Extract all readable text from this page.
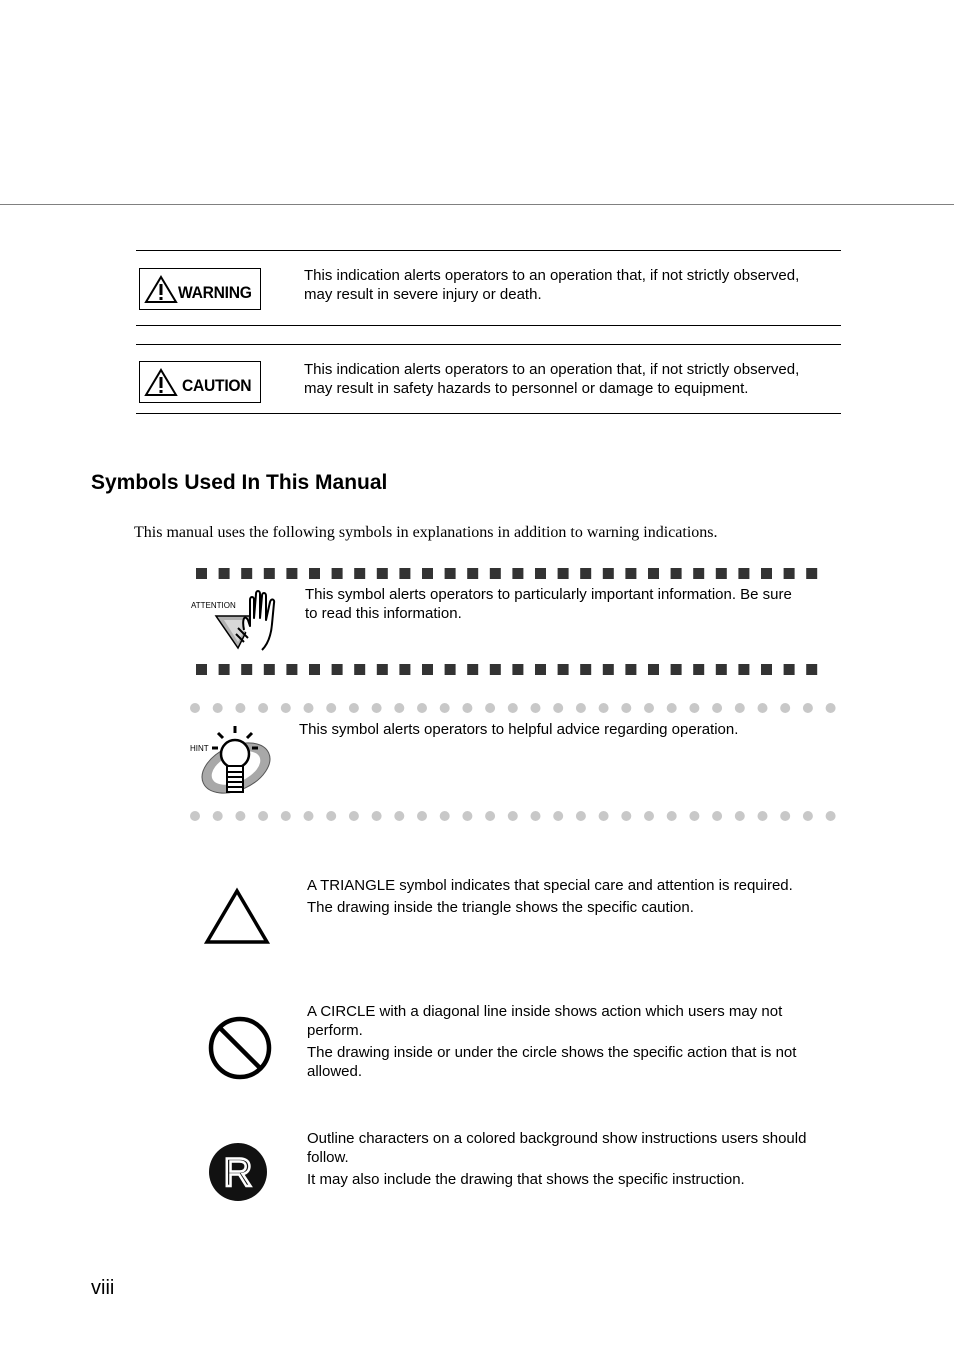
WARNING

This indication alerts operators to an operation that, if not strictly observed,

may result in severe injury or death.

CAUTION

This indication alerts operators to an operation that, if not strictly observed,

may result in safety hazards to personnel or damage to equipment.

Symbols Used In This Manual
This manual uses the following symbols in explanations in addition to warning indications.
ATTENTION

This symbol alerts operators to particularly important information. Be sure

to read this information.

HINT
This symbol alerts operators to helpful advice regarding operation.

A TRIANGLE symbol indicates that special care and attention is required.

The drawing inside the triangle shows the specific caution.

A CIRCLE with a diagonal line inside shows action which users may not

perform.

The drawing inside or under the circle shows the specific action that is not

allowed.

R

Outline characters on a colored background show instructions users should

follow.

It may also include the drawing that shows the specific instruction.

viii
